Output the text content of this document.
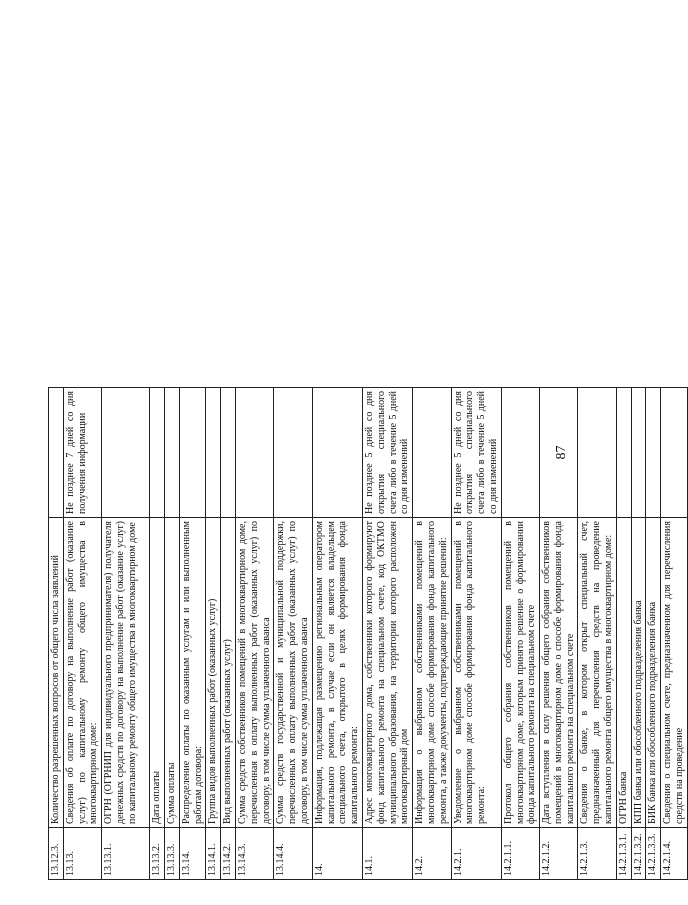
13.12.3.	Количество разрешенных вопросов от общего числа заявлений	
13.13.	Сведения об оплате по договору на выполнение работ (оказание услуг) по капитальному ремонту общего имущества в многоквартирном доме:	Не позднее 7 дней со дня получения информации
13.13.1.	ОГРН (ОГРНИП для индивидуального предпринимателя) получателя денежных средств по договору на выполнение работ (оказание услуг) по капитальному ремонту общего имущества в многоквартирном доме	
13.13.2.	Дата оплаты	
13.13.3.	Сумма оплаты	
13.14.	Распределение оплаты по оказанным услугам и или выполненным работам договора:	
13.14.1.	Группа видов выполненных работ (оказанных услуг)	
13.14.2.	Вид выполненных работ (оказанных услуг)	
13.14.3.	Сумма средств собственников помещений в многоквартирном доме, перечисленная в оплату выполненных работ (оказанных услуг) по договору, в том числе сумма уплаченного аванса	
13.14.4.	Сумма средств государственной и муниципальной поддержки, перечисленных в оплату выполненных работ (оказанных услуг) по договору, в том числе сумма уплаченного аванса	
14.	Информация, подлежащая размещению региональным оператором капитального ремонта, в случае если он является владельцем специального счета, открытого в целях формирования фонда капитального ремонта:	
14.1.	Адрес многоквартирного дома, собственники которого формируют фонд капитального ремонта на специальном счете, код ОКТМО муниципального образования, на территории которого расположен многоквартирный дом	Не позднее 5 дней со дня открытия специального счета либо в течение 5 дней со дня изменений
14.2.	Информация о выбранном собственниками помещений в многоквартирном доме способе формирования фонда капитального ремонта, а также документы, подтверждающие принятие решений:	
14.2.1.	Уведомление о выбранном собственниками помещений в многоквартирном доме способе формирования фонда капитального ремонта:	Не позднее 5 дней со дня открытия специального счета либо в течение 5 дней со дня изменений
14.2.1.1.	Протокол общего собрания собственников помещений в многоквартирном доме, которым принято решение о формировании фонда капитального ремонта на специальном счете	
14.2.1.2.	Дата вступления в силу решения общего собрания собственников помещений в многоквартирном доме о способе формирования фонда капитального ремонта на специальном счете	
14.2.1.3.	Сведения о банке, в котором открыт специальный счет, предназначенный для перечисления средств на проведение капитального ремонта общего имущества в многоквартирном доме:	
14.2.1.3.1.	ОГРН банка	
14.2.1.3.2.	КПП банка или обособленного подразделения банка	
14.2.1.3.3.	БИК банка или обособленного подразделения банка	
14.2.1.4.	Сведения о специальном счете, предназначенном для перечисления средств на проведение	
87
